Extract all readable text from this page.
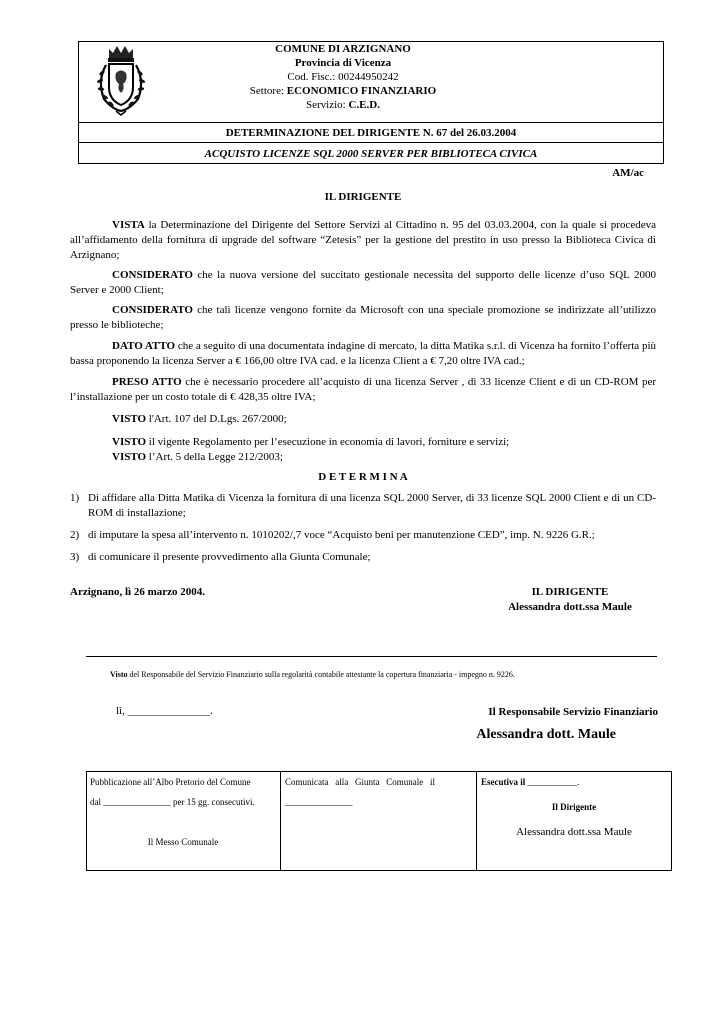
COMUNE DI ARZIGNANO
Provincia di Vicenza
Cod. Fisc.: 00244950242
Settore: ECONOMICO FINANZIARIO
Servizio: C.E.D.
DETERMINAZIONE DEL DIRIGENTE N. 67 del 26.03.2004
ACQUISTO LICENZE SQL 2000 SERVER PER BIBLIOTECA CIVICA
AM/ac
IL DIRIGENTE
VISTA la Determinazione del Dirigente del Settore Servizi al Cittadino n. 95 del 03.03.2004, con la quale si procedeva all’affidamento della fornitura di upgrade del software “Zetesis” per la gestione del prestito in uso presso la Biblioteca Civica di Arzignano;
CONSIDERATO che la nuova versione del succitato gestionale necessita del supporto delle licenze d’uso SQL 2000 Server e 2000 Client;
CONSIDERATO che tali licenze vengono fornite da Microsoft con una speciale promozione se indirizzate all’utilizzo presso le biblioteche;
DATO ATTO che a seguito di una documentata indagine di mercato, la ditta Matika s.r.l. di Vicenza ha fornito l’offerta più bassa proponendo la licenza Server a € 166,00 oltre IVA cad. e la licenza Client a € 7,20 oltre IVA cad.;
PRESO ATTO che è necessario procedere all’acquisto di una licenza Server , di 33 licenze Client e di un CD-ROM per l’installazione per un costo totale di € 428,35 oltre IVA;
VISTO l'Art. 107 del D.Lgs. 267/2000;
VISTO il vigente Regolamento per l’esecuzione in economia di lavori, forniture e servizi;
VISTO l’Art. 5 della Legge 212/2003;
D E T E R M I N A
1) Di affidare alla Ditta Matika di Vicenza la fornitura di una licenza SQL 2000 Server, di 33 licenze SQL 2000 Client e di un CD-ROM di installazione;
2) di imputare la spesa all’intervento n. 1010202/,7 voce “Acquisto beni per manutenzione CED”, imp. N. 9226 G.R.;
3) di comunicare il presente provvedimento alla Giunta Comunale;
Arzignano, lì 26 marzo 2004.	IL DIRIGENTE
Alessandra dott.ssa Maule
Visto del Responsabile del Servizio Finanziario sulla regolarità contabile attestante la copertura finanziaria - impegno n. 9226.
lì, _______________.	Il Responsabile Servizio Finanziario
Alessandra dott. Maule
Pubblicazione all’Albo Pretorio del Comune
dal _______________ per 15 gg. consecutivi.
Il Messo Comunale
Comunicata   alla   Giunta   Comunale   il
_______________
Esecutiva il ___________.
Il Dirigente
Alessandra dott.ssa Maule
